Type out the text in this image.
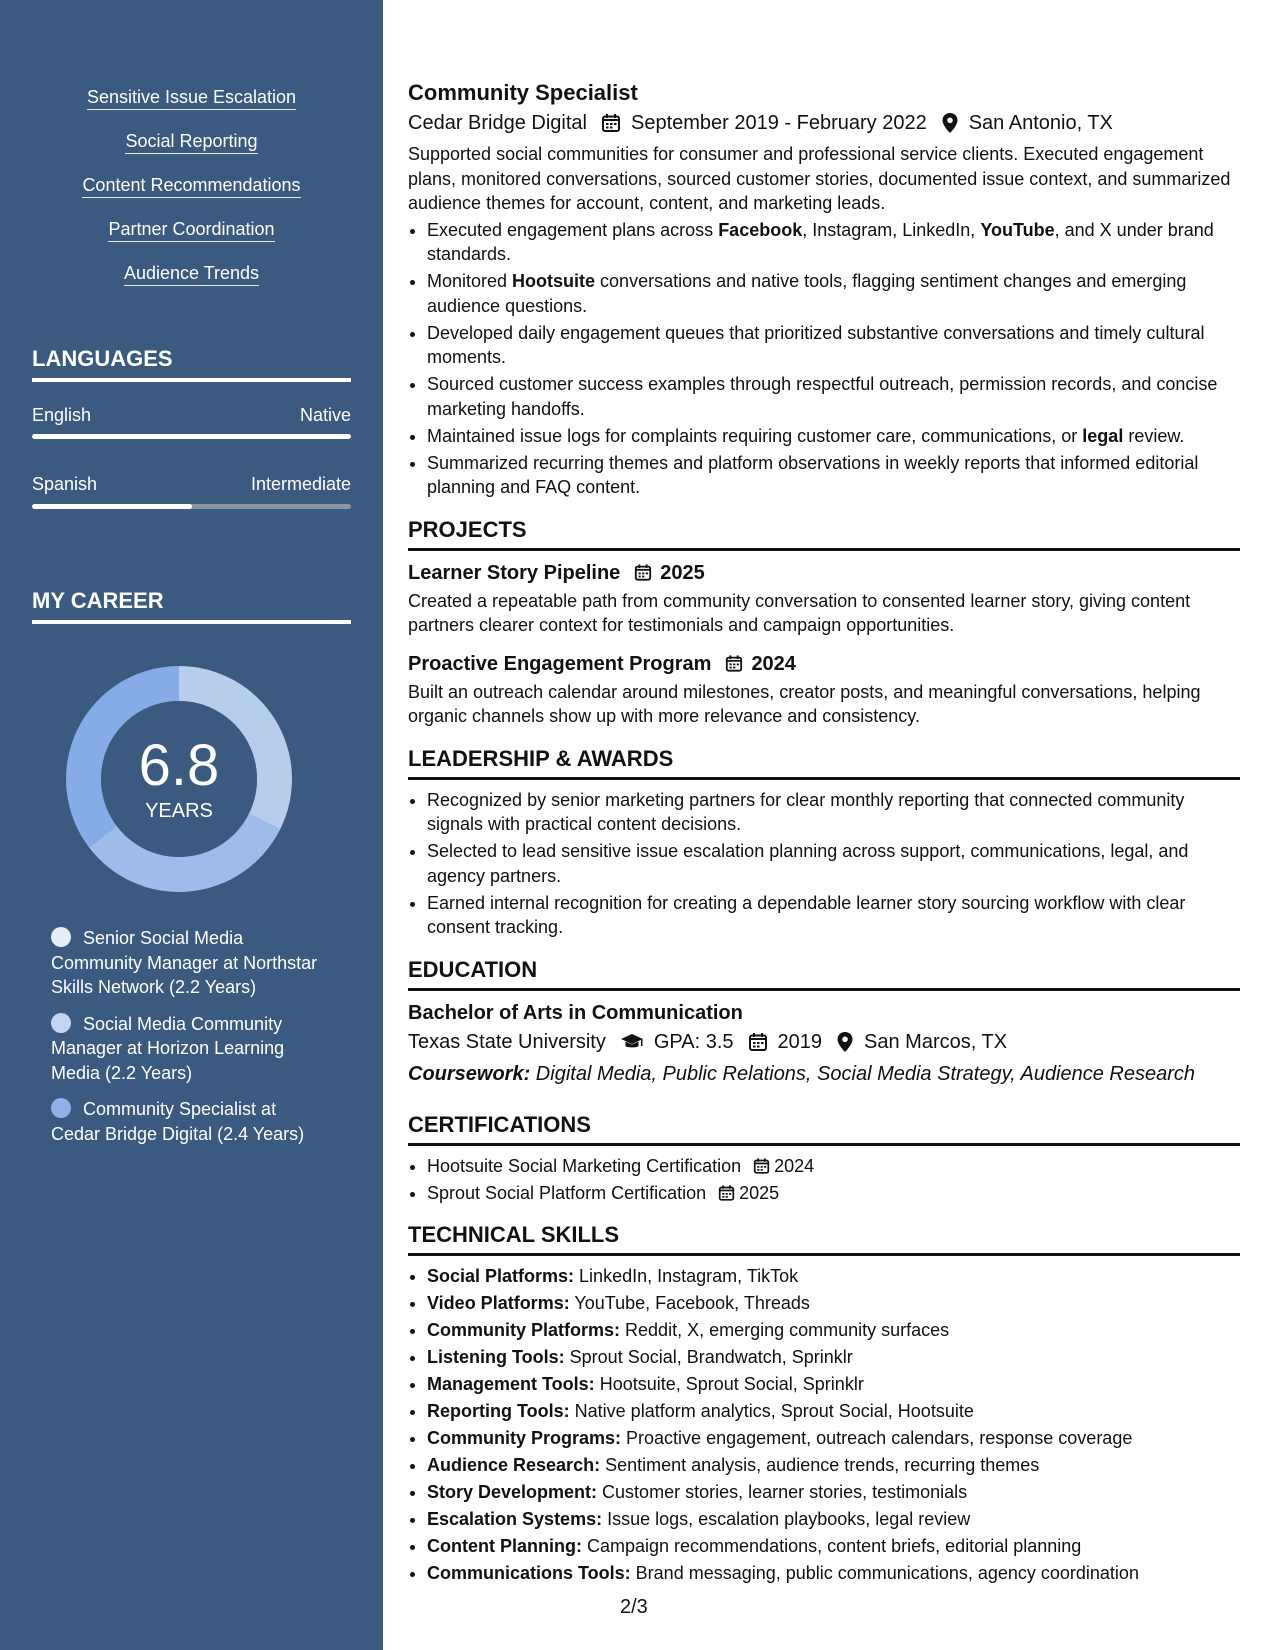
Sensitive Issue Escalation
Social Reporting
Content Recommendations
Partner Coordination
Audience Trends
LANGUAGES
English	Native
Spanish	Intermediate
MY CAREER
6.8
YEARS
Senior Social Media Community Manager at Northstar Skills Network (2.2 Years)
Social Media Community Manager at Horizon Learning Media (2.2 Years)
Community Specialist at Cedar Bridge Digital (2.4 Years)
Community Specialist
Cedar Bridge Digital September 2019 - February 2022 San Antonio, TX
Supported social communities for consumer and professional service clients. Executed engagement plans, monitored conversations, sourced customer stories, documented issue context, and summarized audience themes for account, content, and marketing leads.
• Executed engagement plans across Facebook, Instagram, LinkedIn, YouTube, and X under brand standards.
• Monitored Hootsuite conversations and native tools, flagging sentiment changes and emerging audience questions.
• Developed daily engagement queues that prioritized substantive conversations and timely cultural moments.
• Sourced customer success examples through respectful outreach, permission records, and concise marketing handoffs.
• Maintained issue logs for complaints requiring customer care, communications, or legal review.
• Summarized recurring themes and platform observations in weekly reports that informed editorial planning and FAQ content.
PROJECTS
Learner Story Pipeline 2025
Created a repeatable path from community conversation to consented learner story, giving content partners clearer context for testimonials and campaign opportunities.
Proactive Engagement Program 2024
Built an outreach calendar around milestones, creator posts, and meaningful conversations, helping organic channels show up with more relevance and consistency.
LEADERSHIP & AWARDS
• Recognized by senior marketing partners for clear monthly reporting that connected community signals with practical content decisions.
• Selected to lead sensitive issue escalation planning across support, communications, legal, and agency partners.
• Earned internal recognition for creating a dependable learner story sourcing workflow with clear consent tracking.
EDUCATION
Bachelor of Arts in Communication
Texas State University GPA: 3.5 2019 San Marcos, TX
Coursework: Digital Media, Public Relations, Social Media Strategy, Audience Research
CERTIFICATIONS
• Hootsuite Social Marketing Certification 2024
• Sprout Social Platform Certification 2025
TECHNICAL SKILLS
• Social Platforms: LinkedIn, Instagram, TikTok
• Video Platforms: YouTube, Facebook, Threads
• Community Platforms: Reddit, X, emerging community surfaces
• Listening Tools: Sprout Social, Brandwatch, Sprinklr
• Management Tools: Hootsuite, Sprout Social, Sprinklr
• Reporting Tools: Native platform analytics, Sprout Social, Hootsuite
• Community Programs: Proactive engagement, outreach calendars, response coverage
• Audience Research: Sentiment analysis, audience trends, recurring themes
• Story Development: Customer stories, learner stories, testimonials
• Escalation Systems: Issue logs, escalation playbooks, legal review
• Content Planning: Campaign recommendations, content briefs, editorial planning
• Communications Tools: Brand messaging, public communications, agency coordination
2/3
